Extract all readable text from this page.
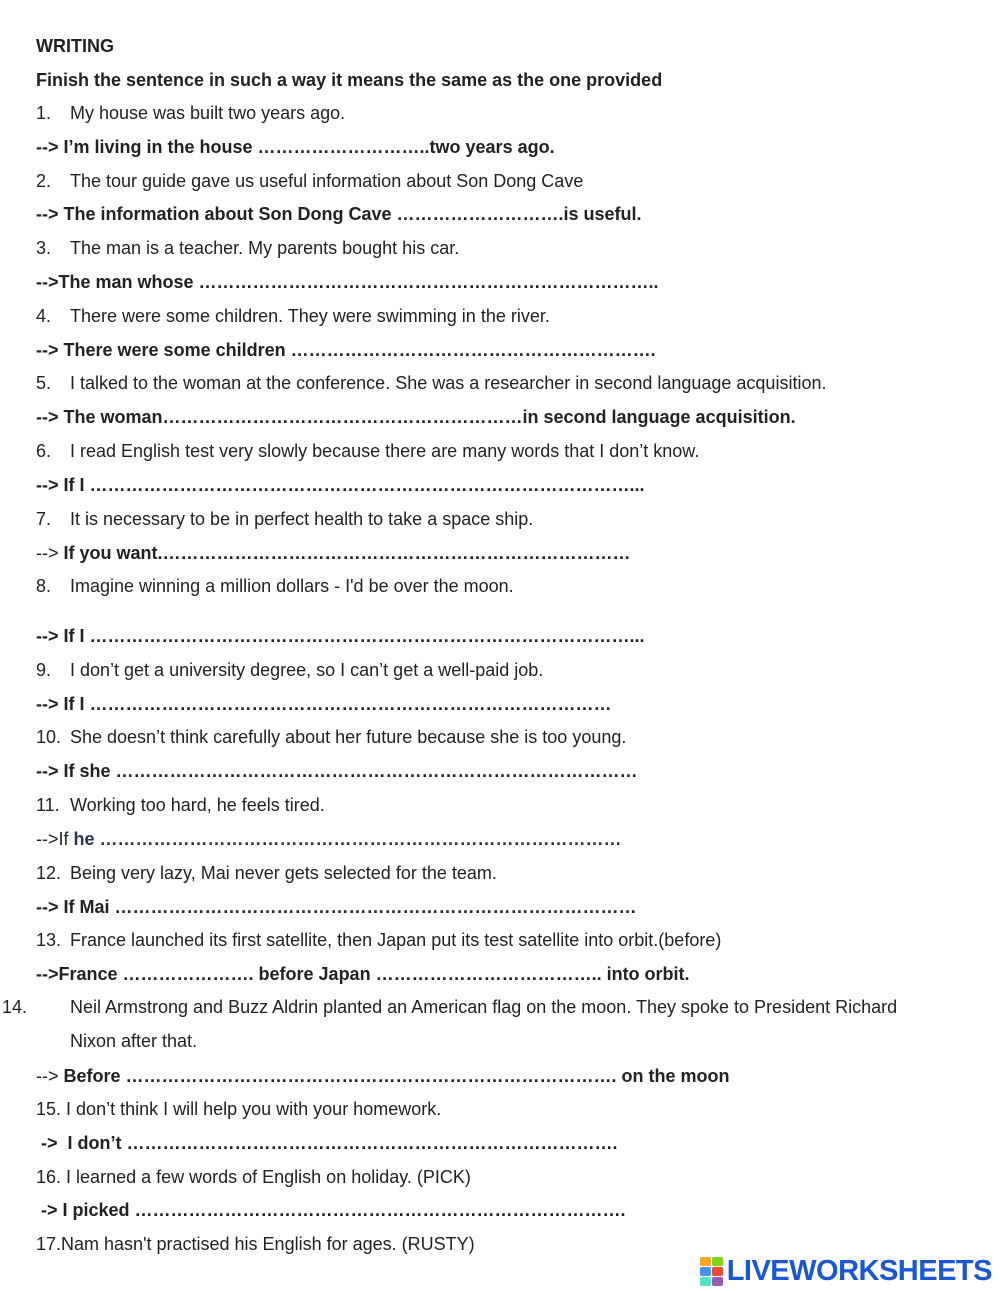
WRITING
Finish the sentence in such a way it means the same as the one provided
1. My house was built two years ago.
--> I’m living in the house ………………………..two years ago.
2. The tour guide gave us useful information about Son Dong Cave
--> The information about Son Dong Cave ……………………….is useful.
3. The man is a teacher. My parents bought his car.
-->The man whose …………………………………………………………………..
4. There were some children. They were swimming in the river.
--> There were some children …………………………………………………….
5. I talked to the woman at the conference. She was a researcher in second language acquisition.
--> The woman……………………………………………………in second language acquisition.
6. I read English test very slowly because there are many words that I don’t know.
--> If I ………………………………………………………………………………...
7. It is necessary to be in perfect health to take a space ship.
--> If you want.……………………………………………………………………
8. Imagine winning a million dollars - I'd be over the moon.
--> If I ………………………………………………………………………………...
9. I don’t get a university degree, so I can’t get a well-paid job.
--> If I ……………………………………………………………………………
10. She doesn’t think carefully about her future because she is too young.
--> If she ……………………………………………………………………………
11. Working too hard, he feels tired.
-->If he ……………………………………………………………………………
12. Being very lazy, Mai never gets selected for the team.
--> If Mai ……………………………………………………………………………
13. France launched its first satellite, then Japan put its test satellite into orbit.(before)
-->France …………………. before Japan ……………………………….. into orbit.
14. Neil Armstrong and Buzz Aldrin planted an American flag on the moon. They spoke to President Richard Nixon after that.
--> Before ………………………………………………………………………. on the moon
15. I don’t think I will help you with your homework.
->  I don’t ……………………………………………………………………….
16. I learned a few words of English on holiday. (PICK)
-> I picked ……………………………………………………………………….
17.Nam hasn't practised his English for ages. (RUSTY)
LIVEWORKSHEETS
